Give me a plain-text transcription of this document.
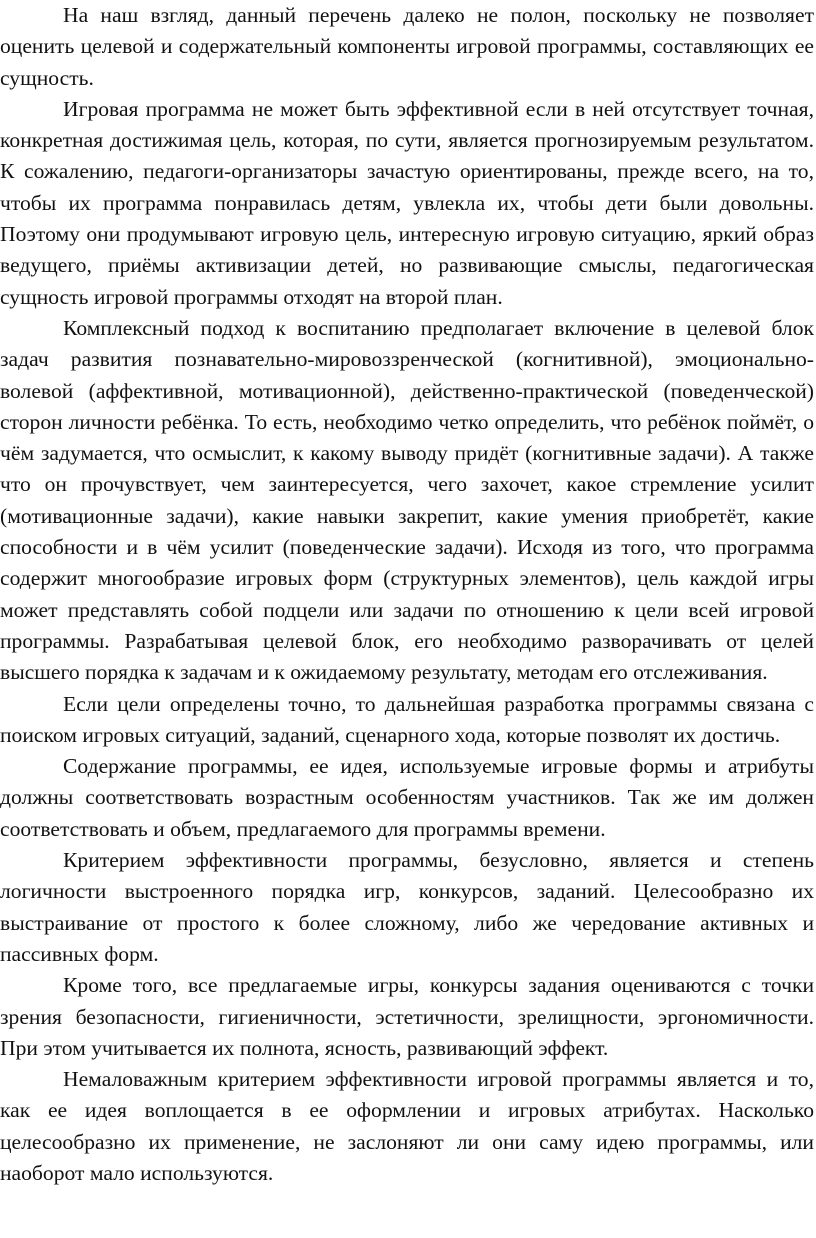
На наш взгляд, данный перечень далеко не полон, поскольку не позволяет оценить целевой и содержательный компоненты игровой программы, составляющих ее сущность.

Игровая программа не может быть эффективной если в ней отсутствует точная, конкретная достижимая цель, которая, по сути, является прогнозируемым результатом. К сожалению, педагоги-организаторы зачастую ориентированы, прежде всего, на то, чтобы их программа понравилась детям, увлекла их, чтобы дети были довольны. Поэтому они продумывают игровую цель, интересную игровую ситуацию, яркий образ ведущего, приёмы активизации детей, но развивающие смыслы, педагогическая сущность игровой программы отходят на второй план.

Комплексный подход к воспитанию предполагает включение в целевой блок задач развития познавательно-мировоззренческой (когнитивной), эмоционально-волевой (аффективной, мотивационной), действенно-практической (поведенческой) сторон личности ребёнка. То есть, необходимо четко определить, что ребёнок поймёт, о чём задумается, что осмыслит, к какому выводу придёт (когнитивные задачи). А также что он прочувствует, чем заинтересуется, чего захочет, какое стремление усилит (мотивационные задачи), какие навыки закрепит, какие умения приобретёт, какие способности и в чём усилит (поведенческие задачи). Исходя из того, что программа содержит многообразие игровых форм (структурных элементов), цель каждой игры может представлять собой подцели или задачи по отношению к цели всей игровой программы. Разрабатывая целевой блок, его необходимо разворачивать от целей высшего порядка к задачам и к ожидаемому результату, методам его отслеживания.

Если цели определены точно, то дальнейшая разработка программы связана с поиском игровых ситуаций, заданий, сценарного хода, которые позволят их достичь.

Содержание программы, ее идея, используемые игровые формы и атрибуты должны соответствовать возрастным особенностям участников. Так же им должен соответствовать и объем, предлагаемого для программы времени.

Критерием эффективности программы, безусловно, является и степень логичности выстроенного порядка игр, конкурсов, заданий. Целесообразно их выстраивание от простого к более сложному, либо же чередование активных и пассивных форм.

Кроме того, все предлагаемые игры, конкурсы задания оцениваются с точки зрения безопасности, гигиеничности, эстетичности, зрелищности, эргономичности. При этом учитывается их полнота, ясность, развивающий эффект.

Немаловажным критерием эффективности игровой программы является и то, как ее идея воплощается в ее оформлении и игровых атрибутах. Насколько целесообразно их применение, не заслоняют ли они саму идею программы, или наоборот мало используются.
